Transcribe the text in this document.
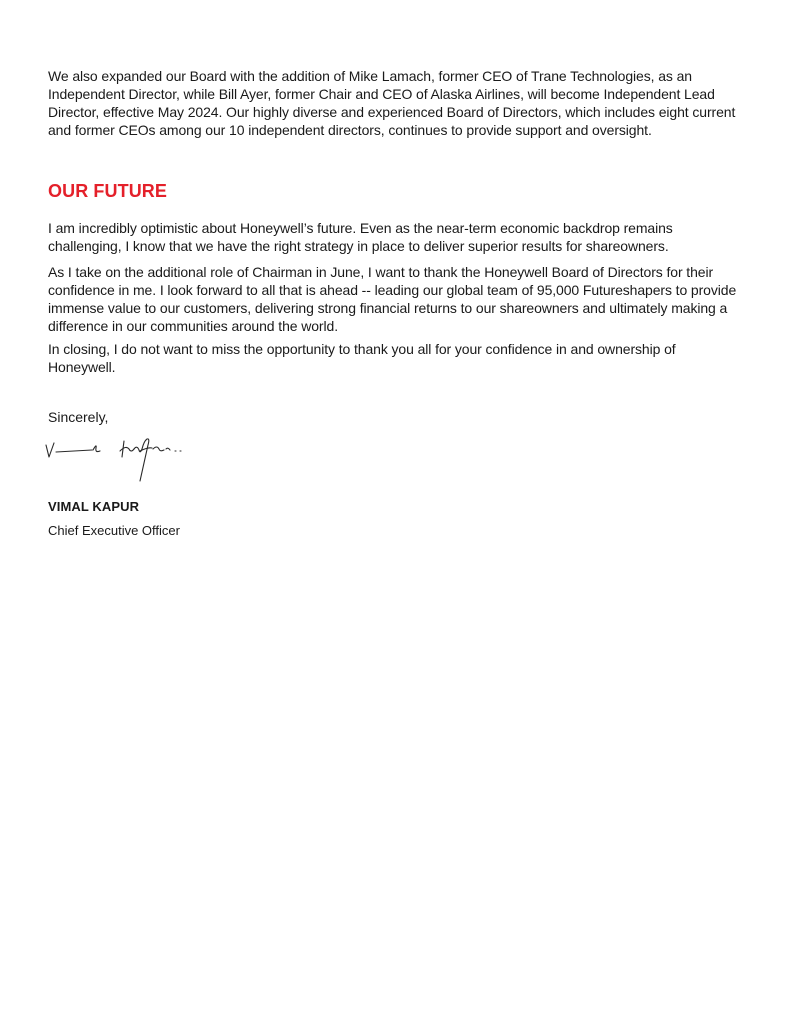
We also expanded our Board with the addition of Mike Lamach, former CEO of Trane Technologies, as an Independent Director, while Bill Ayer, former Chair and CEO of Alaska Airlines, will become Independent Lead Director, effective May 2024. Our highly diverse and experienced Board of Directors, which includes eight current and former CEOs among our 10 independent directors, continues to provide support and oversight.

OUR FUTURE

I am incredibly optimistic about Honeywell’s future. Even as the near-term economic backdrop remains challenging, I know that we have the right strategy in place to deliver superior results for shareowners.

As I take on the additional role of Chairman in June, I want to thank the Honeywell Board of Directors for their confidence in me. I look forward to all that is ahead -- leading our global team of 95,000 Futureshapers to provide immense value to our customers, delivering strong financial returns to our shareowners and ultimately making a difference in our communities around the world.

In closing, I do not want to miss the opportunity to thank you all for your confidence in and ownership of Honeywell.

Sincerely,
VIMAL KAPUR
Chief Executive Officer
